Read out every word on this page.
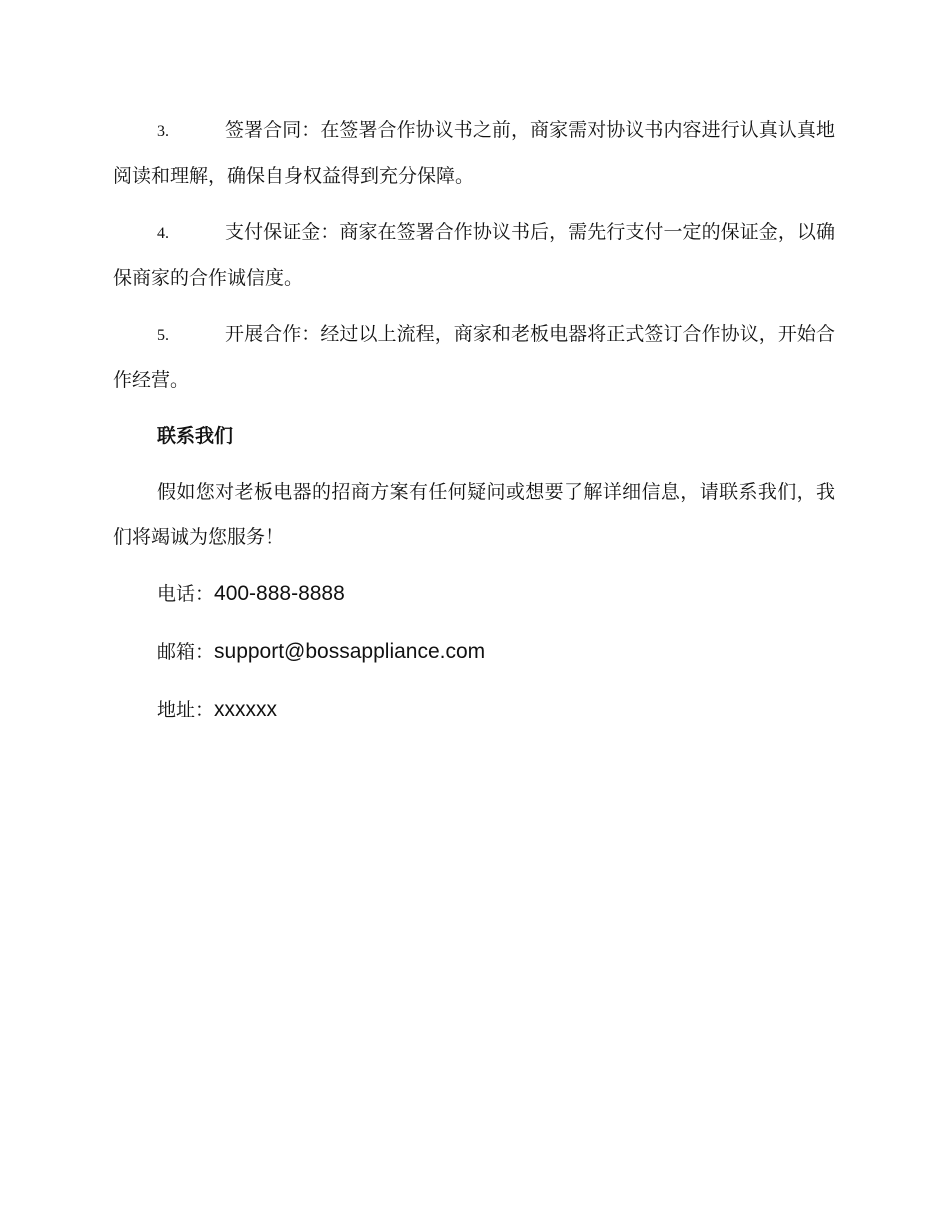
3.	签署合同：在签署合作协议书之前，商家需对协议书内容进行认真认真地阅读和理解，确保自身权益得到充分保障。

4.	支付保证金：商家在签署合作协议书后，需先行支付一定的保证金，以确保商家的合作诚信度。

5.	开展合作：经过以上流程，商家和老板电器将正式签订合作协议，开始合作经营。

联系我们

假如您对老板电器的招商方案有任何疑问或想要了解详细信息，请联系我们，我们将竭诚为您服务！

电话：400-888-8888
邮箱：support@bossappliance.com
地址：xxxxxx
